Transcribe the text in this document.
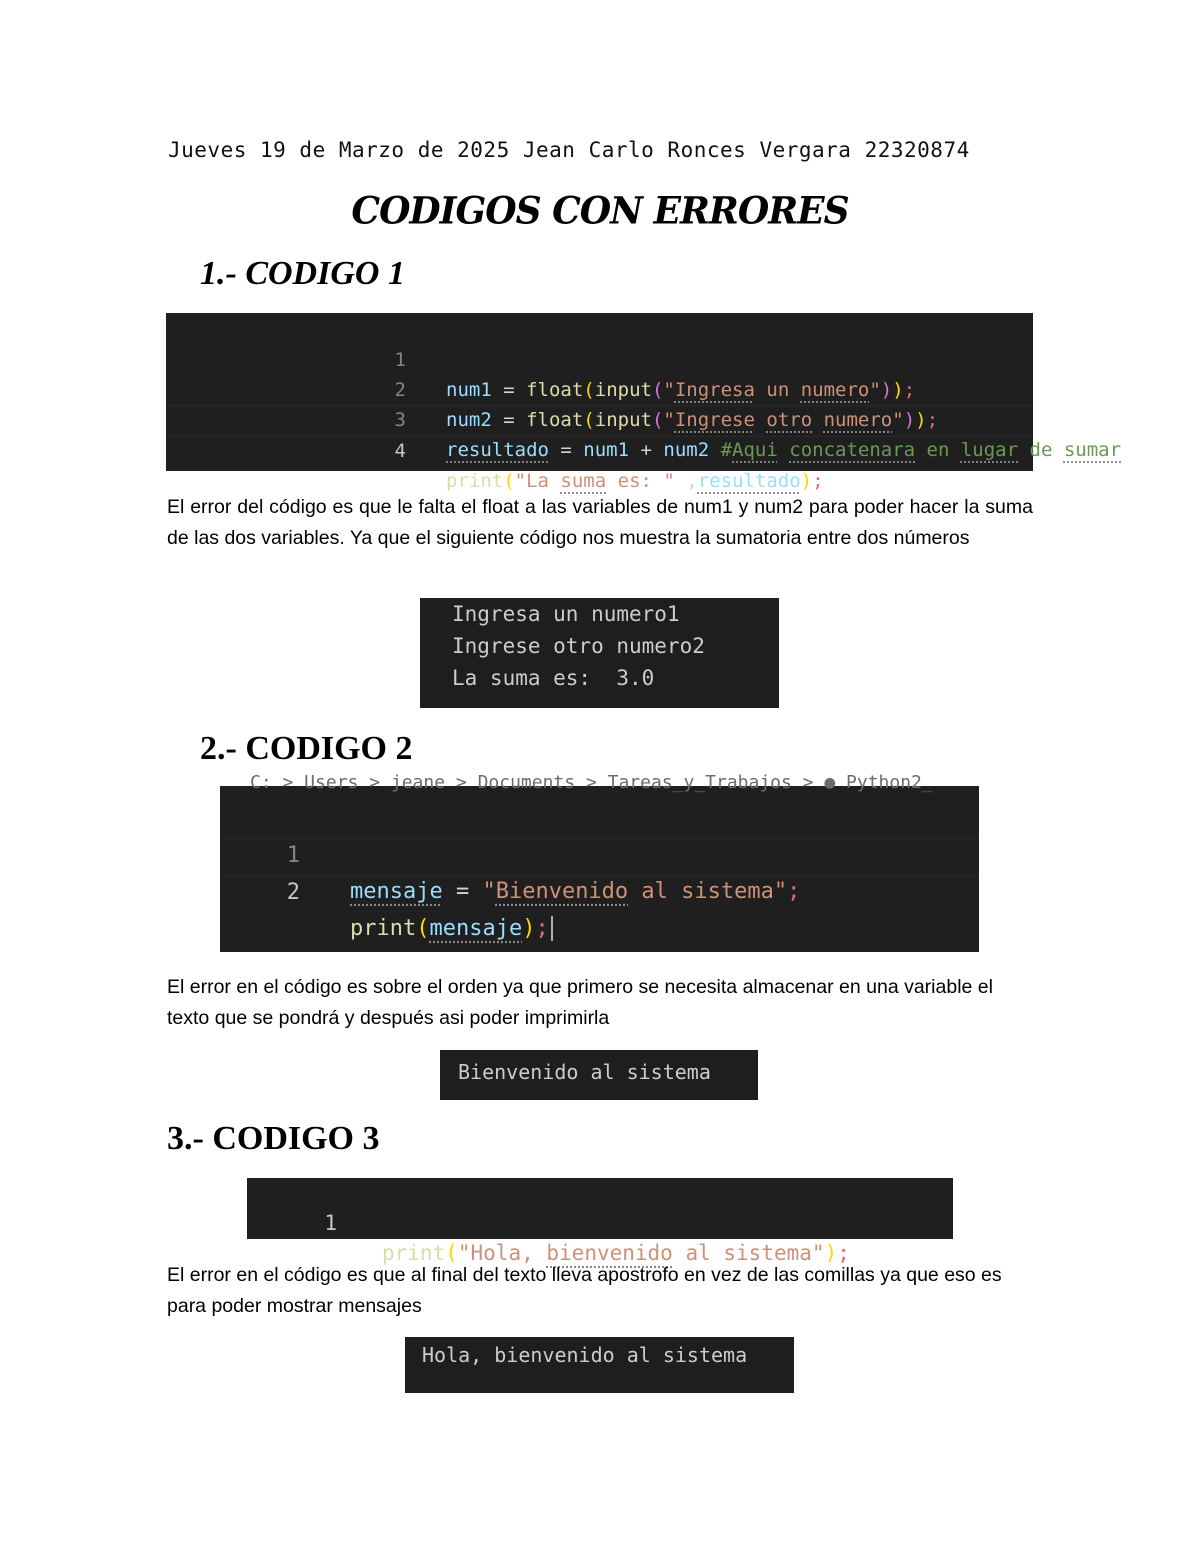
Jueves 19 de Marzo de 2025 Jean Carlo Ronces Vergara 22320874
CODIGOS CON ERRORES
1.- CODIGO 1

1

num1 = float(input("Ingresa un numero"));

2

num2 = float(input("Ingrese otro numero"));

3

resultado = num1 + num2 #Aqui concatenara en lugar de sumar

4

print("La suma es: " ,resultado);

El error del código es que le falta el float a las variables de num1 y num2 para poder hacer la suma de las dos variables. Ya que el siguiente código nos muestra la sumatoria entre dos números
Ingresa un numero1
Ingrese otro numero2
La suma es:  3.0
2.- CODIGO 2
C: > Users > jeane > Documents > Tareas_y_Trabajos > ● Python2_

1

mensaje = "Bienvenido al sistema";

2

print(mensaje);

El error en el código es sobre el orden ya que primero se necesita almacenar en una variable el texto que se pondrá y después asi poder imprimirla
Bienvenido al sistema
3.- CODIGO 3

1

print("Hola, bienvenido al sistema");

El error en el código es que al final del texto lleva apostrofo en vez de las comillas ya que eso es para poder mostrar mensajes
Hola, bienvenido al sistema
